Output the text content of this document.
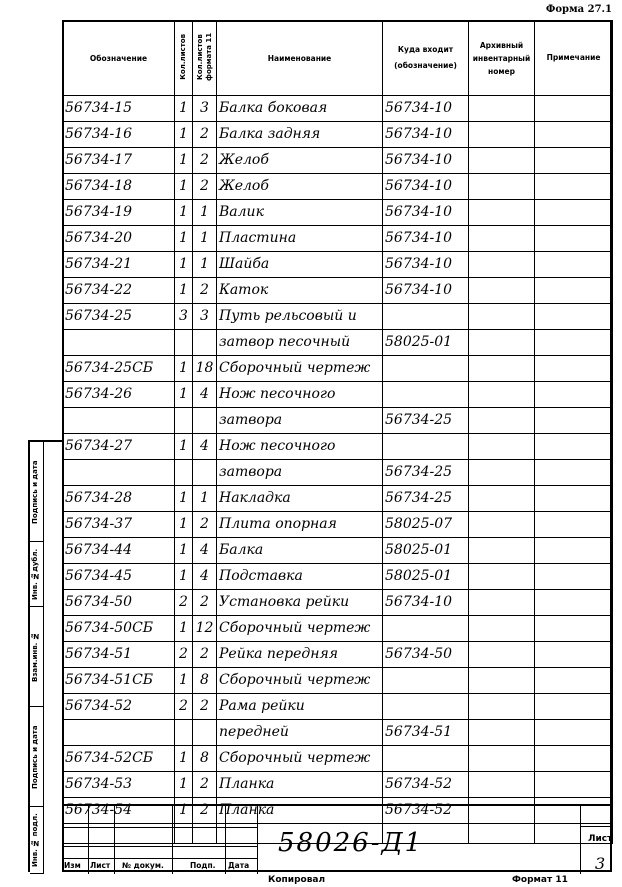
Форма 27.1
Подпись и дата
Инв. №дубл.
Взам.инв. №
Подпись и дата
Инв. № подл.
Обозначение	Кол.листов	Кол.листов формата 11	Наименование	Куда входит (обозначение)	Архивный инвентарный номер	Примечание
56734-15	1	3	Балка боковая	56734-10		
56734-16	1	2	Балка задняя	56734-10		
56734-17	1	2	Желоб	56734-10		
56734-18	1	2	Желоб	56734-10		
56734-19	1	1	Валик	56734-10		
56734-20	1	1	Пластина	56734-10		
56734-21	1	1	Шайба	56734-10		
56734-22	1	2	Каток	56734-10		
56734-25	3	3	Путь рельсовый и			
			затвор песочный	58025-01		
56734-25СБ	1	18	Сборочный чертеж			
56734-26	1	4	Нож песочного			
			затвора	56734-25		
56734-27	1	4	Нож песочного			
			затвора	56734-25		
56734-28	1	1	Накладка	56734-25		
56734-37	1	2	Плита опорная	58025-07		
56734-44	1	4	Балка	58025-01		
56734-45	1	4	Подставка	58025-01		
56734-50	2	2	Установка рейки	56734-10		
56734-50СБ	1	12	Сборочный чертеж			
56734-51	2	2	Рейка передняя	56734-50		
56734-51СБ	1	8	Сборочный чертеж			
56734-52	2	2	Рама рейки			
			передней	56734-51		
56734-52СБ	1	8	Сборочный чертеж			
56734-53	1	2	Планка	56734-52		
56734-54	1	2	Планка	56734-52		

Изм Лист № докум.	Подп. Дата
58026-Д1	Лист
3
Копировал	Формат 11
